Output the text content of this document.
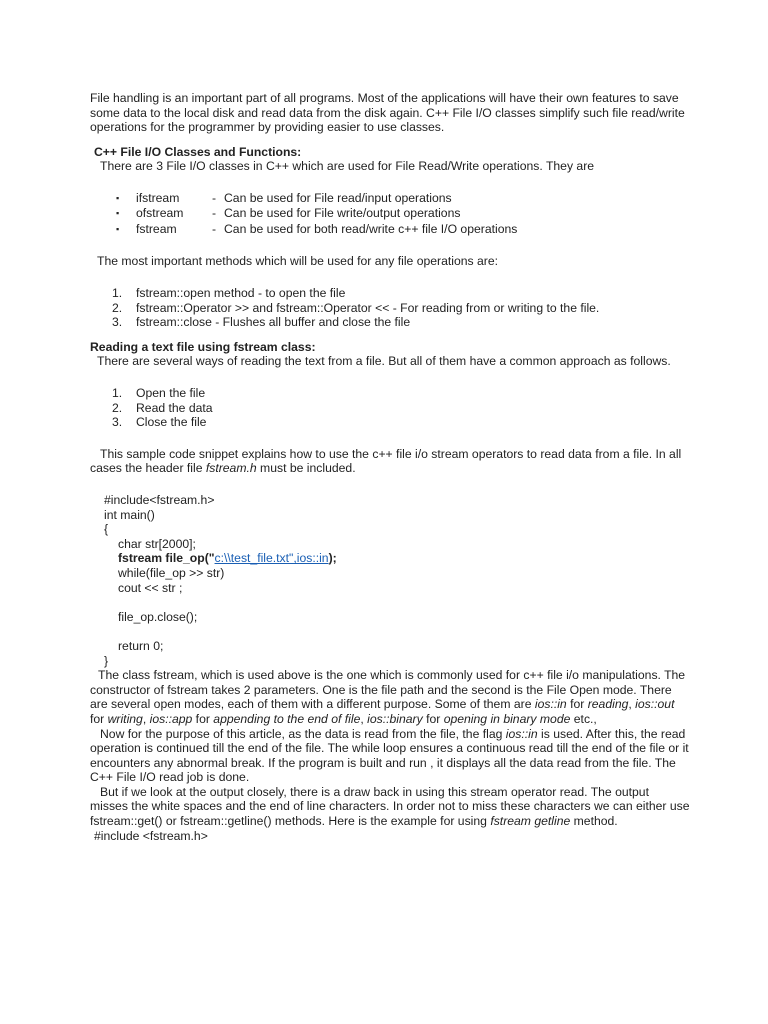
File handling is an important part of all programs. Most of the applications will have their own features to save some data to the local disk and read data from the disk again. C++ File I/O classes simplify such file read/write operations for the programmer by providing easier to use classes.

C++ File I/O Classes and Functions:

There are 3 File I/O classes in C++ which are used for File Read/Write operations. They are

▪ ifstream	- Can be used for File read/input operations
▪ ofstream - Can be used for File write/output operations
▪ fstream	- Can be used for both read/write c++ file I/O operations

The most important methods which will be used for any file operations are:

1. fstream::open method - to open the file
2. fstream::Operator >> and fstream::Operator << - For reading from or writing to the file.
3. fstream::close - Flushes all buffer and close the file

Reading a text file using fstream class:

There are several ways of reading the text from a file. But all of them have a common approach as follows.

1. Open the file
2. Read the data
3. Close the file

This sample code snippet explains how to use the c++ file i/o stream operators to read data from a file. In all cases the header file fstream.h must be included.

#include<fstream.h>
int main()
{
char str[2000];
fstream file_op("c:\\test_file.txt",ios::in);
while(file_op >> str)
cout << str ;
file_op.close();
return 0;
}

The class fstream, which is used above is the one which is commonly used for c++ file i/o manipulations. The constructor of fstream takes 2 parameters. One is the file path and the second is the File Open mode. There are several open modes, each of them with a different purpose. Some of them are ios::in for reading, ios::out for writing, ios::app for appending to the end of file, ios::binary for opening in binary mode etc.,

Now for the purpose of this article, as the data is read from the file, the flag ios::in is used. After this, the read operation is continued till the end of the file. The while loop ensures a continuous read till the end of the file or it encounters any abnormal break. If the program is built and run , it displays all the data read from the file. The C++ File I/O read job is done.

But if we look at the output closely, there is a draw back in using this stream operator read. The output misses the white spaces and the end of line characters. In order not to miss these characters we can either use fstream::get() or fstream::getline() methods. Here is the example for using fstream getline method.

#include <fstream.h>
